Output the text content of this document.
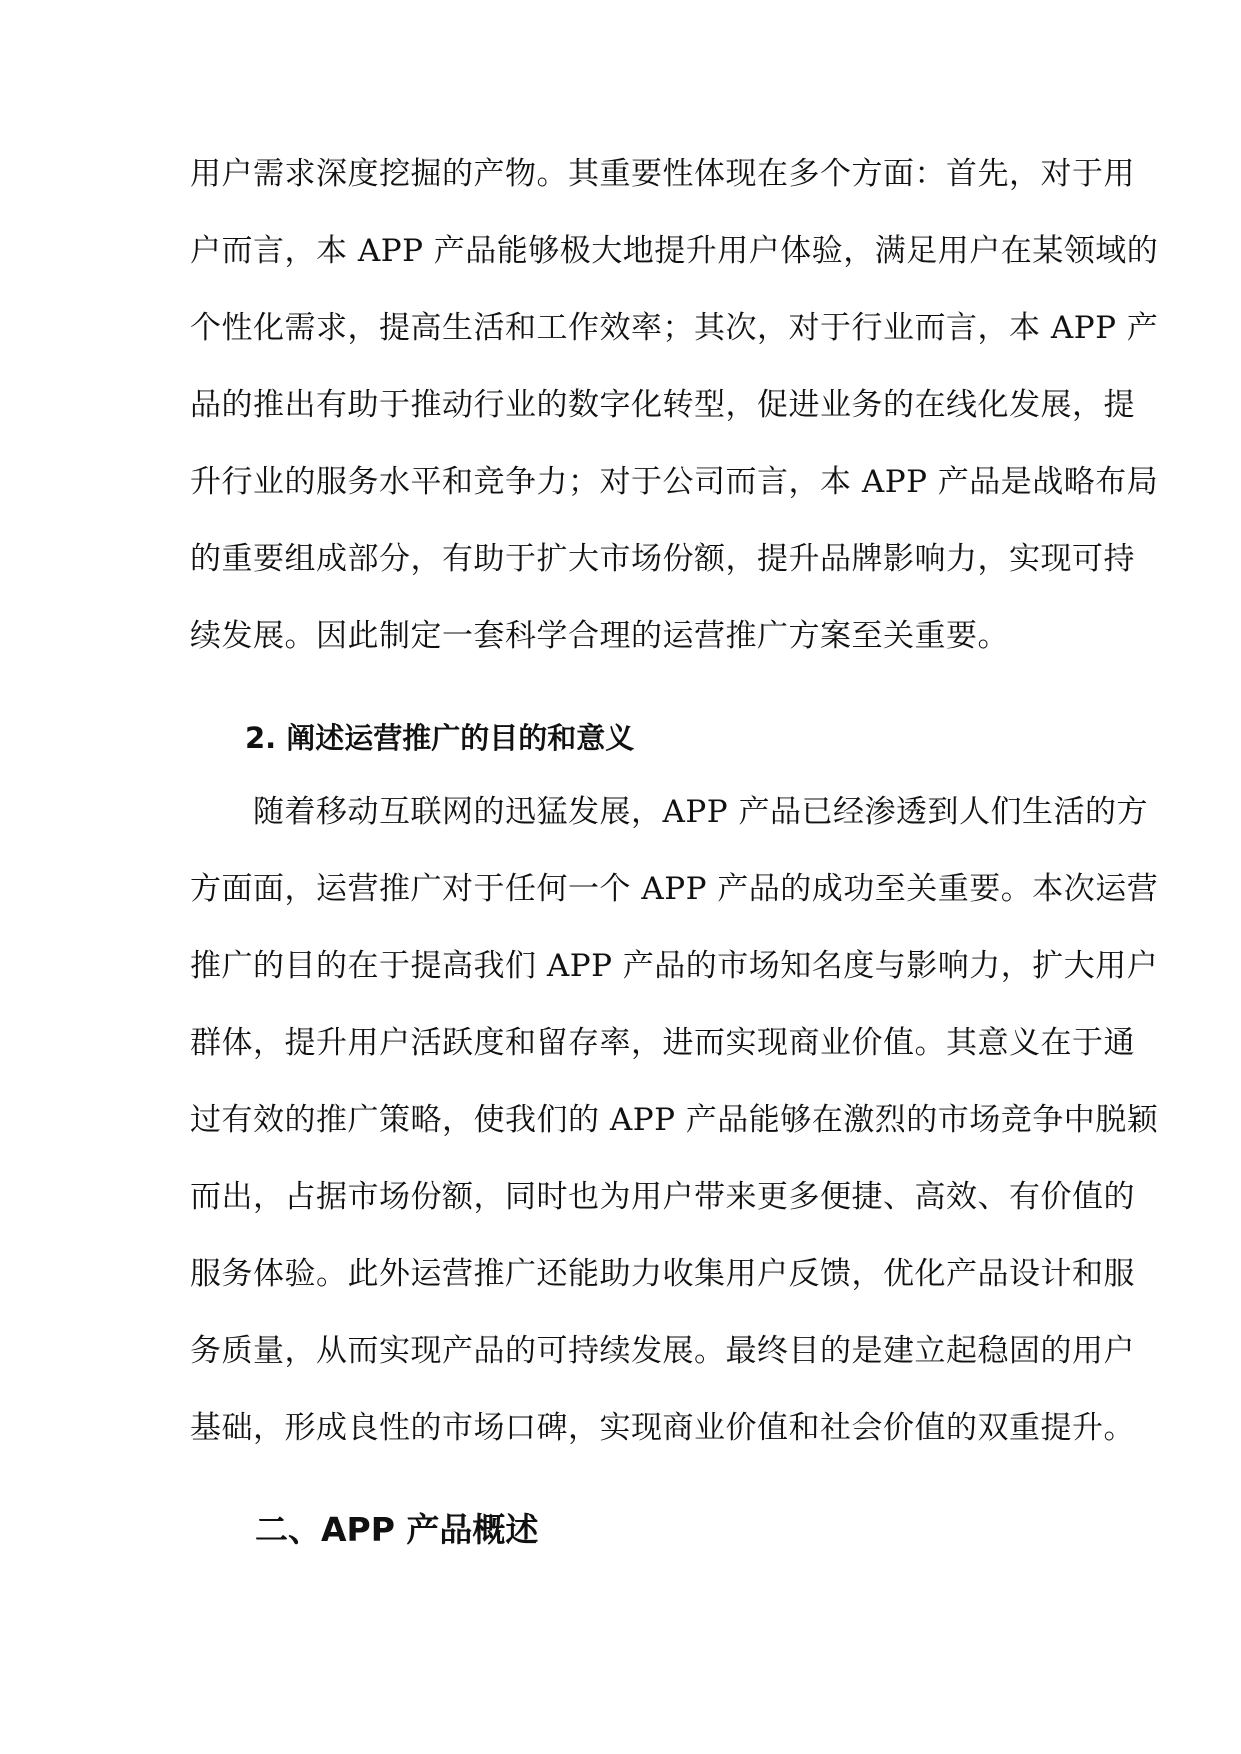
用户需求深度挖掘的产物。其重要性体现在多个方面：首先，对于用
户而言，本 APP 产品能够极大地提升用户体验，满足用户在某领域的
个性化需求，提高生活和工作效率；其次，对于行业而言，本 APP 产
品的推出有助于推动行业的数字化转型，促进业务的在线化发展，提
升行业的服务水平和竞争力；对于公司而言，本 APP 产品是战略布局
的重要组成部分，有助于扩大市场份额，提升品牌影响力，实现可持
续发展。因此制定一套科学合理的运营推广方案至关重要。
2. 阐述运营推广的目的和意义
　　随着移动互联网的迅猛发展，APP 产品已经渗透到人们生活的方
方面面，运营推广对于任何一个 APP 产品的成功至关重要。本次运营
推广的目的在于提高我们 APP 产品的市场知名度与影响力，扩大用户
群体，提升用户活跃度和留存率，进而实现商业价值。其意义在于通
过有效的推广策略，使我们的 APP 产品能够在激烈的市场竞争中脱颖
而出，占据市场份额，同时也为用户带来更多便捷、高效、有价值的
服务体验。此外运营推广还能助力收集用户反馈，优化产品设计和服
务质量，从而实现产品的可持续发展。最终目的是建立起稳固的用户
基础，形成良性的市场口碑，实现商业价值和社会价值的双重提升。
二、APP 产品概述
